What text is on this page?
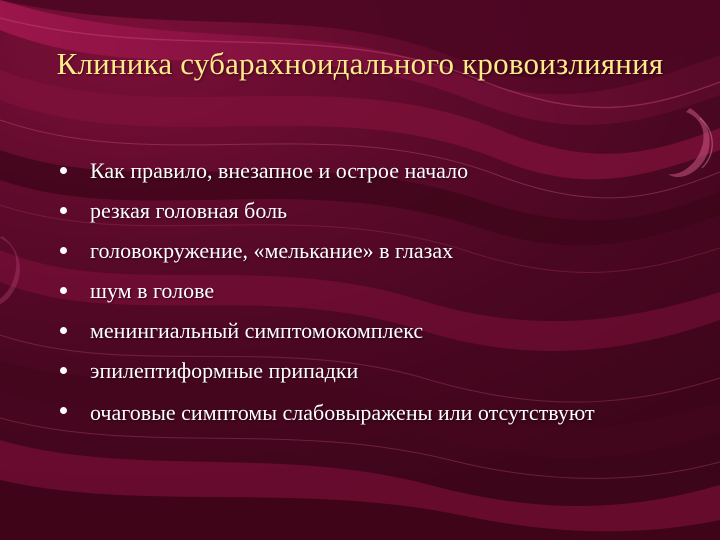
Клиника субарахноидального кровоизлияния
Как правило, внезапное и острое начало
резкая головная боль
головокружение, «мелькание» в глазах
шум в голове
менингиальный симптомокомплекс
эпилептиформные припадки
очаговые симптомы слабовыражены или отсутствуют
